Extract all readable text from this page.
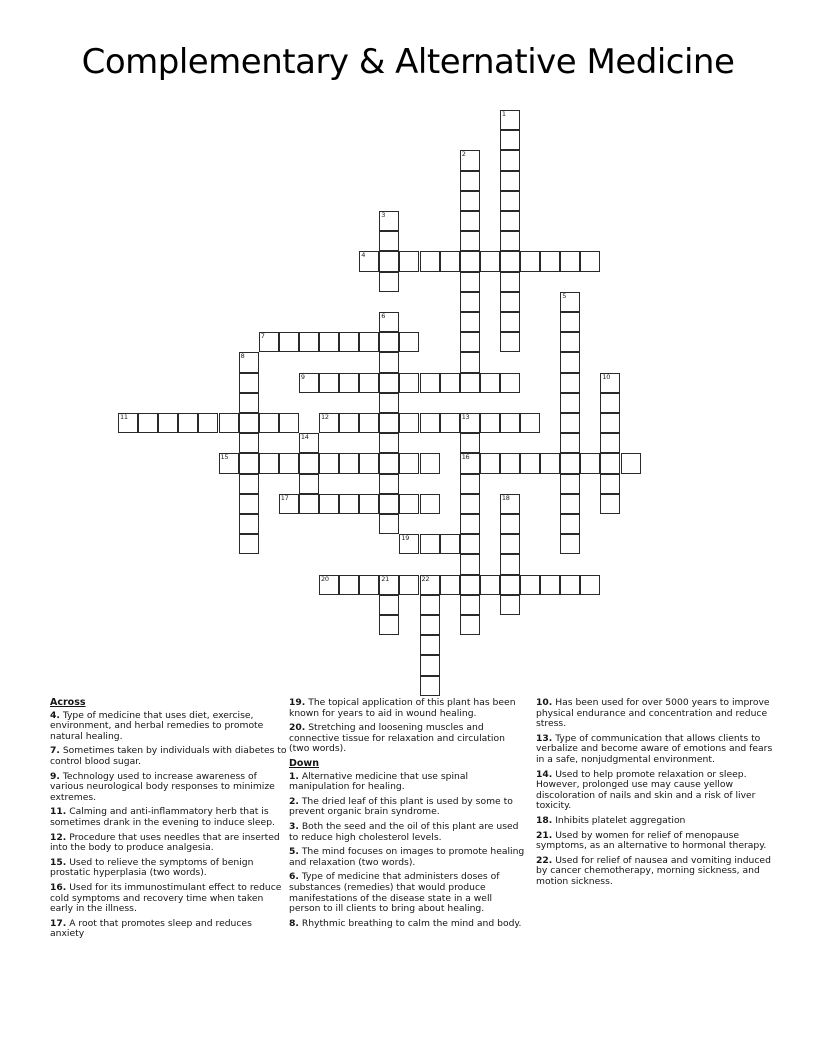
Complementary & Alternative Medicine
1
2
3
4
5
6
7
8
9	10
11	12	13
16
14
15
17	18
19
20	21	22

Across

4. Type of medicine that uses diet, exercise, environment, and herbal remedies to promote natural healing.

7. Sometimes taken by individuals with diabetes to control blood sugar.

9. Technology used to increase awareness of various neurological body responses to minimize extremes.

11. Calming and anti-inflammatory herb that is sometimes drank in the evening to induce sleep.

12. Procedure that uses needles that are inserted into the body to produce analgesia.

15. Used to relieve the symptoms of benign prostatic hyperplasia (two words).

16. Used for its immunostimulant effect to reduce cold symptoms and recovery time when taken early in the illness.

17. A root that promotes sleep and reduces anxiety

19. The topical application of this plant has been known for years to aid in wound healing.

20. Stretching and loosening muscles and connective tissue for relaxation and circulation (two words).

Down

1. Alternative medicine that use spinal manipulation for healing.

2. The dried leaf of this plant is used by some to prevent organic brain syndrome.

3. Both the seed and the oil of this plant are used to reduce high cholesterol levels.

5. The mind focuses on images to promote healing and relaxation (two words).

6. Type of medicine that administers doses of substances (remedies) that would produce manifestations of the disease state in a well person to ill clients to bring about healing.

8. Rhythmic breathing to calm the mind and body.

10. Has been used for over 5000 years to improve physical endurance and concentration and reduce stress.

13. Type of communication that allows clients to verbalize and become aware of emotions and fears in a safe, nonjudgmental environment.

14. Used to help promote relaxation or sleep. However, prolonged use may cause yellow discoloration of nails and skin and a risk of liver toxicity.

18. Inhibits platelet aggregation

21. Used by women for relief of menopause symptoms, as an alternative to hormonal therapy.

22. Used for relief of nausea and vomiting induced by cancer chemotherapy, morning sickness, and motion sickness.
